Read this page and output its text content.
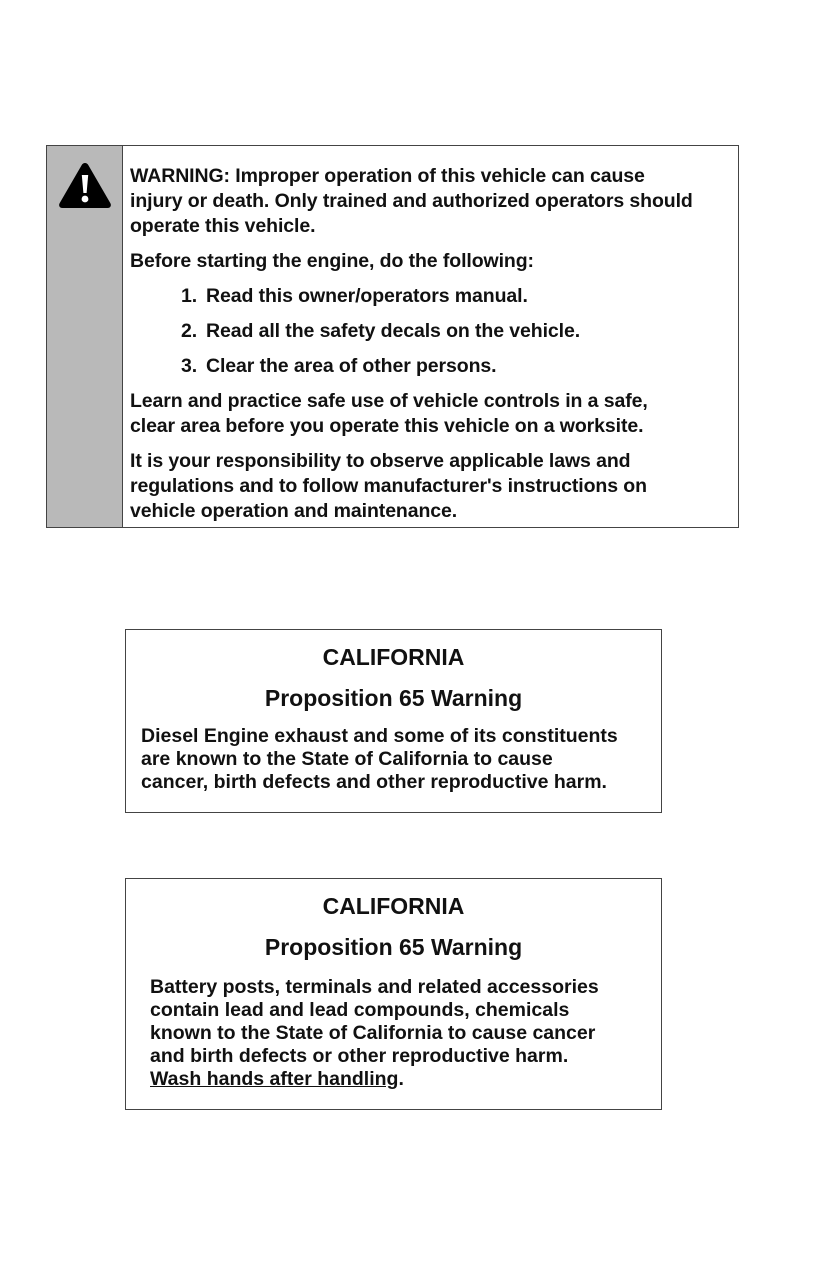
WARNING: Improper operation of this vehicle can cause
injury or death. Only trained and authorized operators should
operate this vehicle.

Before starting the engine, do the following:

1. Read this owner/operators manual.
2. Read all the safety decals on the vehicle.
3. Clear the area of other persons.

Learn and practice safe use of vehicle controls in a safe,
clear area before you operate this vehicle on a worksite.

It is your responsibility to observe applicable laws and
regulations and to follow manufacturer's instructions on
vehicle operation and maintenance.

CALIFORNIA

Proposition 65 Warning

Diesel Engine exhaust and some of its constituents
are known to the State of California to cause
cancer, birth defects and other reproductive harm.

CALIFORNIA

Proposition 65 Warning

Battery posts, terminals and related accessories
contain lead and lead compounds, chemicals
known to the State of California to cause cancer
and birth defects or other reproductive harm.
Wash hands after handling.
